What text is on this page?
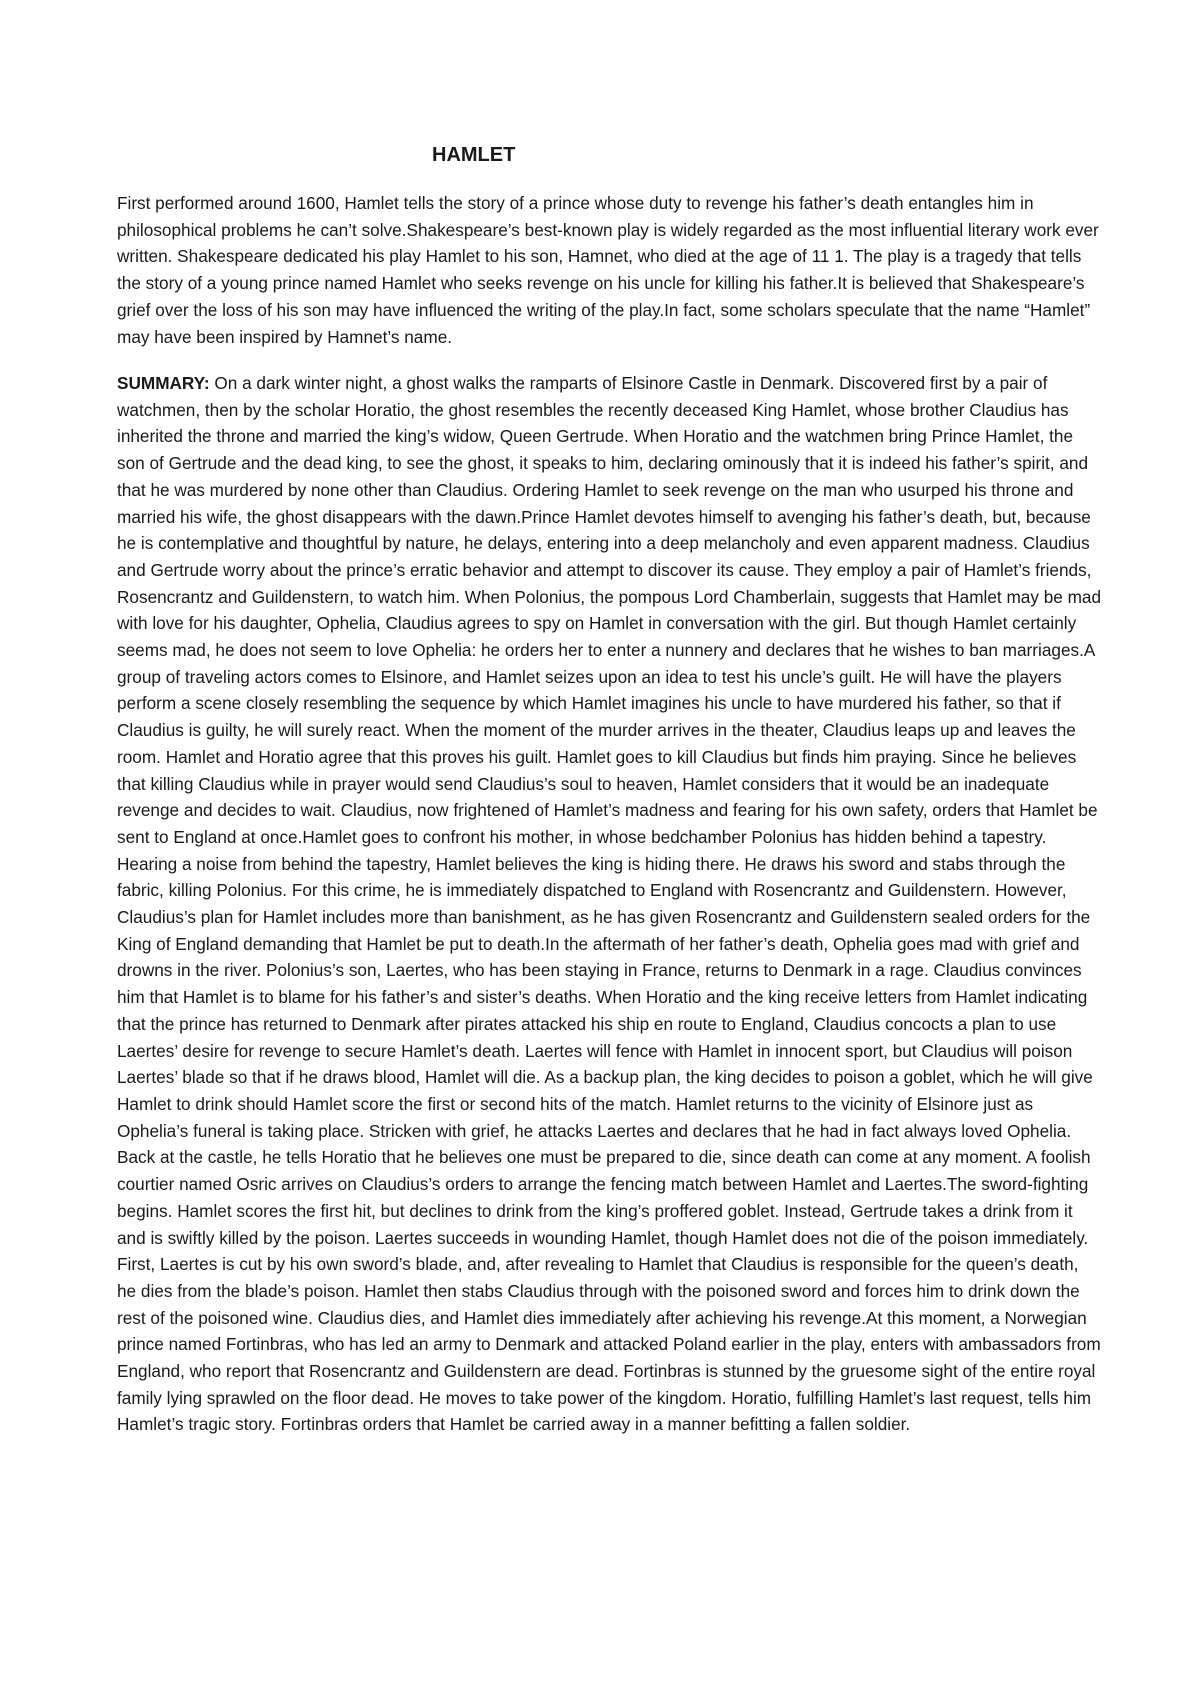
HAMLET

First performed around 1600, Hamlet tells the story of a prince whose duty to revenge his father’s death entangles him in philosophical problems he can’t solve.Shakespeare’s best-known play is widely regarded as the most influential literary work ever written. Shakespeare dedicated his play Hamlet to his son, Hamnet, who died at the age of 11 1. The play is a tragedy that tells the story of a young prince named Hamlet who seeks revenge on his uncle for killing his father.It is believed that Shakespeare’s grief over the loss of his son may have influenced the writing of the play.In fact, some scholars speculate that the name “Hamlet” may have been inspired by Hamnet’s name.

SUMMARY: On a dark winter night, a ghost walks the ramparts of Elsinore Castle in Denmark. Discovered first by a pair of watchmen, then by the scholar Horatio, the ghost resembles the recently deceased King Hamlet, whose brother Claudius has inherited the throne and married the king’s widow, Queen Gertrude. When Horatio and the watchmen bring Prince Hamlet, the son of Gertrude and the dead king, to see the ghost, it speaks to him, declaring ominously that it is indeed his father’s spirit, and that he was murdered by none other than Claudius. Ordering Hamlet to seek revenge on the man who usurped his throne and married his wife, the ghost disappears with the dawn.Prince Hamlet devotes himself to avenging his father’s death, but, because he is contemplative and thoughtful by nature, he delays, entering into a deep melancholy and even apparent madness. Claudius and Gertrude worry about the prince’s erratic behavior and attempt to discover its cause. They employ a pair of Hamlet’s friends, Rosencrantz and Guildenstern, to watch him. When Polonius, the pompous Lord Chamberlain, suggests that Hamlet may be mad with love for his daughter, Ophelia, Claudius agrees to spy on Hamlet in conversation with the girl. But though Hamlet certainly seems mad, he does not seem to love Ophelia: he orders her to enter a nunnery and declares that he wishes to ban marriages.A group of traveling actors comes to Elsinore, and Hamlet seizes upon an idea to test his uncle’s guilt. He will have the players perform a scene closely resembling the sequence by which Hamlet imagines his uncle to have murdered his father, so that if Claudius is guilty, he will surely react. When the moment of the murder arrives in the theater, Claudius leaps up and leaves the room. Hamlet and Horatio agree that this proves his guilt. Hamlet goes to kill Claudius but finds him praying. Since he believes that killing Claudius while in prayer would send Claudius’s soul to heaven, Hamlet considers that it would be an inadequate revenge and decides to wait. Claudius, now frightened of Hamlet’s madness and fearing for his own safety, orders that Hamlet be sent to England at once.Hamlet goes to confront his mother, in whose bedchamber Polonius has hidden behind a tapestry. Hearing a noise from behind the tapestry, Hamlet believes the king is hiding there. He draws his sword and stabs through the fabric, killing Polonius. For this crime, he is immediately dispatched to England with Rosencrantz and Guildenstern. However, Claudius’s plan for Hamlet includes more than banishment, as he has given Rosencrantz and Guildenstern sealed orders for the King of England demanding that Hamlet be put to death.In the aftermath of her father’s death, Ophelia goes mad with grief and drowns in the river. Polonius’s son, Laertes, who has been staying in France, returns to Denmark in a rage. Claudius convinces him that Hamlet is to blame for his father’s and sister’s deaths. When Horatio and the king receive letters from Hamlet indicating that the prince has returned to Denmark after pirates attacked his ship en route to England, Claudius concocts a plan to use Laertes’ desire for revenge to secure Hamlet’s death. Laertes will fence with Hamlet in innocent sport, but Claudius will poison Laertes’ blade so that if he draws blood, Hamlet will die. As a backup plan, the king decides to poison a goblet, which he will give Hamlet to drink should Hamlet score the first or second hits of the match. Hamlet returns to the vicinity of Elsinore just as Ophelia’s funeral is taking place. Stricken with grief, he attacks Laertes and declares that he had in fact always loved Ophelia. Back at the castle, he tells Horatio that he believes one must be prepared to die, since death can come at any moment. A foolish courtier named Osric arrives on Claudius’s orders to arrange the fencing match between Hamlet and Laertes.The sword-fighting begins. Hamlet scores the first hit, but declines to drink from the king’s proffered goblet. Instead, Gertrude takes a drink from it and is swiftly killed by the poison. Laertes succeeds in wounding Hamlet, though Hamlet does not die of the poison immediately. First, Laertes is cut by his own sword’s blade, and, after revealing to Hamlet that Claudius is responsible for the queen’s death, he dies from the blade’s poison. Hamlet then stabs Claudius through with the poisoned sword and forces him to drink down the rest of the poisoned wine. Claudius dies, and Hamlet dies immediately after achieving his revenge.At this moment, a Norwegian prince named Fortinbras, who has led an army to Denmark and attacked Poland earlier in the play, enters with ambassadors from England, who report that Rosencrantz and Guildenstern are dead. Fortinbras is stunned by the gruesome sight of the entire royal family lying sprawled on the floor dead. He moves to take power of the kingdom. Horatio, fulfilling Hamlet’s last request, tells him Hamlet’s tragic story. Fortinbras orders that Hamlet be carried away in a manner befitting a fallen soldier.
